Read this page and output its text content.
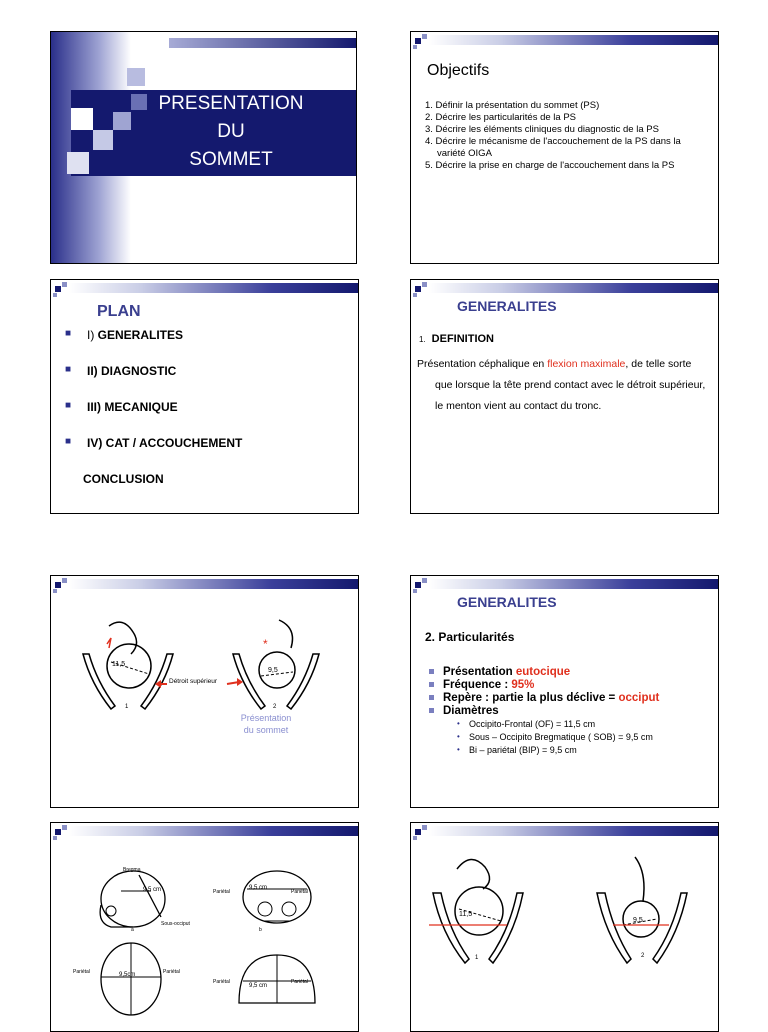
PRESENTATION
DU
SOMMET
Objectifs
1. Définir la présentation du sommet (PS)
2. Décrire les particularités de la PS
3. Décrire les éléments cliniques du diagnostic de la PS
4. Décrire le mécanisme de l'accouchement de la PS dans la variété OIGA
5. Décrire la prise en charge de l'accouchement dans la PS
PLAN
■ I) GENERALITES
■ II) DIAGNOSTIC
■ III) MECANIQUE
■ IV) CAT / ACCOUCHEMENT
CONCLUSION
GENERALITES
1. DEFINITION
Présentation céphalique en flexion maximale, de telle sorte que lorsque la tête prend contact avec le détroit supérieur, le menton vient au contact du tronc.
*
Détroit supérieur
11,5
9,5
1	2
Présentation
du sommet
GENERALITES
2. Particularités
Présentation eutocique
Fréquence : 95%
Repère : partie la plus déclive = occiput
Diamètres
• Occipito-Frontal (OF) = 11,5 cm
• Sous – Occipito Bregmatique ( SOB) = 9,5 cm
• Bi – pariétal (BIP) = 9,5 cm
Bregma
9,5 cm
Sous-occiput
a
Pariétal
9,5 cm
Pariétal
b
Pariétal	9,5cm	Pariétal
Pariétal
9,5 cm
Pariétal
11,5
9,5
1	2
